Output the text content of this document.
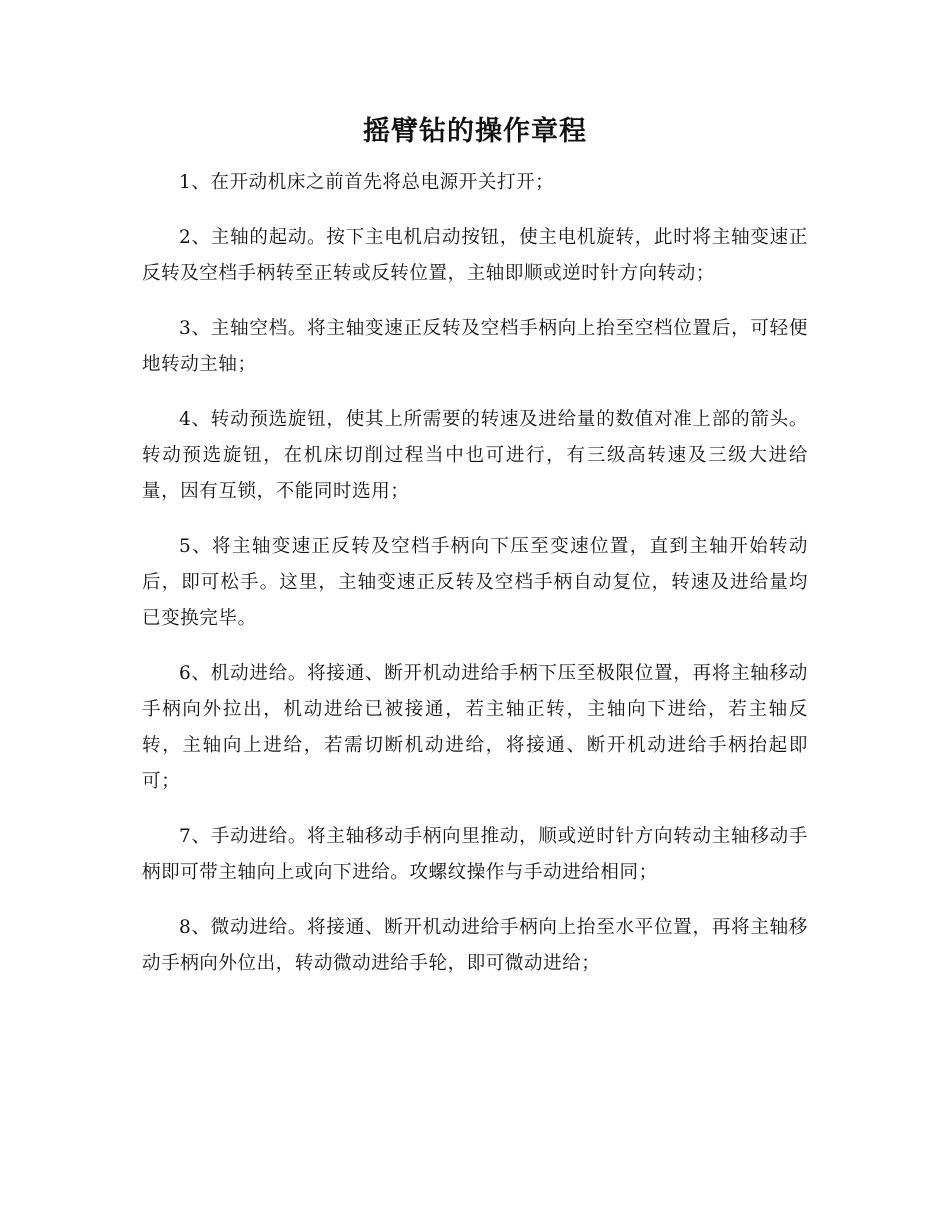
摇臂钻的操作章程

1、在开动机床之前首先将总电源开关打开；

2、主轴的起动。按下主电机启动按钮，使主电机旋转，此时将主轴变速正反转及空档手柄转至正转或反转位置，主轴即顺或逆时针方向转动；

3、主轴空档。将主轴变速正反转及空档手柄向上抬至空档位置后，可轻便地转动主轴；

4、转动预选旋钮，使其上所需要的转速及进给量的数值对准上部的箭头。转动预选旋钮，在机床切削过程当中也可进行，有三级高转速及三级大进给量，因有互锁，不能同时选用；

5、将主轴变速正反转及空档手柄向下压至变速位置，直到主轴开始转动后，即可松手。这里，主轴变速正反转及空档手柄自动复位，转速及进给量均已变换完毕。

6、机动进给。将接通、断开机动进给手柄下压至极限位置，再将主轴移动手柄向外拉出，机动进给已被接通，若主轴正转，主轴向下进给，若主轴反转，主轴向上进给，若需切断机动进给，将接通、断开机动进给手柄抬起即可；

7、手动进给。将主轴移动手柄向里推动，顺或逆时针方向转动主轴移动手柄即可带主轴向上或向下进给。攻螺纹操作与手动进给相同；

8、微动进给。将接通、断开机动进给手柄向上抬至水平位置，再将主轴移动手柄向外位出，转动微动进给手轮，即可微动进给；
